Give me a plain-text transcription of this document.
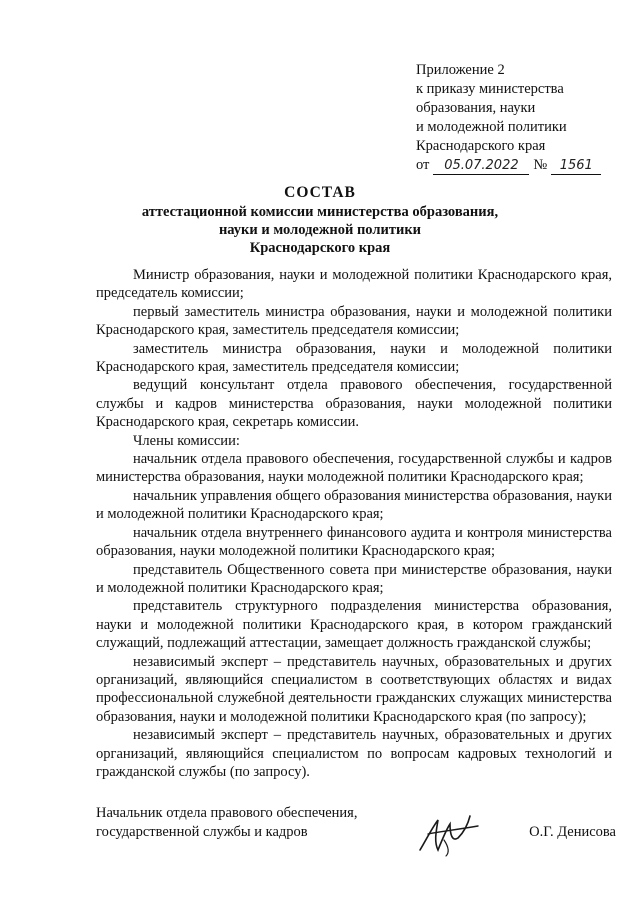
Приложение 2
к приказу министерства
образования, науки
и молодежной политики
Краснодарского края
от 05.07.2022 № 1561
СОСТАВ
аттестационной комиссии министерства образования,
науки и молодежной политики
Краснодарского края

Министр образования, науки и молодежной политики Краснодарского края, председатель комиссии;

первый заместитель министра образования, науки и молодежной политики Краснодарского края, заместитель председателя комиссии;

заместитель министра образования, науки и молодежной политики Краснодарского края, заместитель председателя комиссии;

ведущий консультант отдела правового обеспечения, государственной службы и кадров министерства образования, науки молодежной политики Краснодарского края, секретарь комиссии.

Члены комиссии:

начальник отдела правового обеспечения, государственной службы и кадров министерства образования, науки молодежной политики Краснодарского края;

начальник управления общего образования министерства образования, науки и молодежной политики Краснодарского края;

начальник отдела внутреннего финансового аудита и контроля министерства образования, науки молодежной политики Краснодарского края;

представитель Общественного совета при министерстве образования, науки и молодежной политики Краснодарского края;

представитель структурного подразделения министерства образования, науки и молодежной политики Краснодарского края, в котором гражданский служащий, подлежащий аттестации, замещает должность гражданской службы;

независимый эксперт – представитель научных, образовательных и других организаций, являющийся специалистом в соответствующих областях и видах профессиональной служебной деятельности гражданских служащих министерства образования, науки и молодежной политики Краснодарского края (по запросу);

независимый эксперт – представитель научных, образовательных и других организаций, являющийся специалистом по вопросам кадровых технологий и гражданской службы (по запросу).

Начальник отдела правового обеспечения,
государственной службы и кадров	О.Г. Денисова
